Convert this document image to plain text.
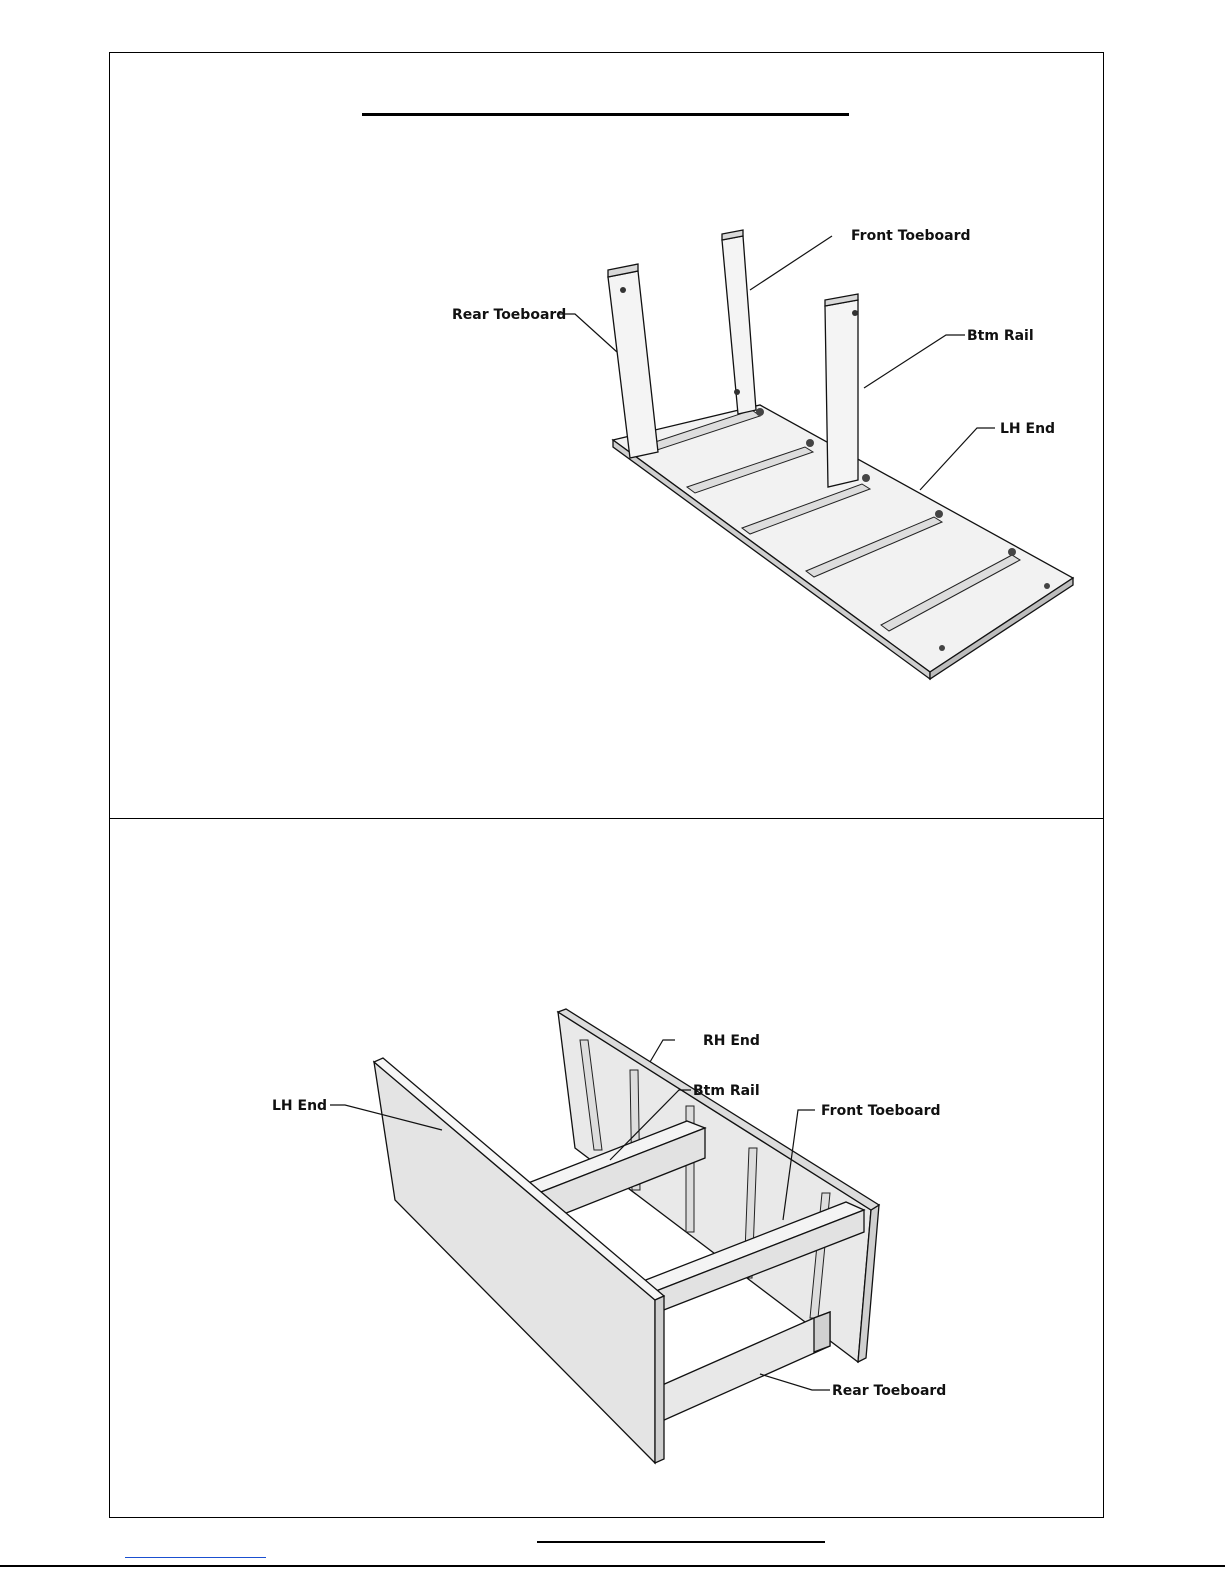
Front Toeboard
Rear Toeboard
Btm Rail
LH End
RH End
Btm Rail
LH End	Front Toeboard
Rear Toeboard
